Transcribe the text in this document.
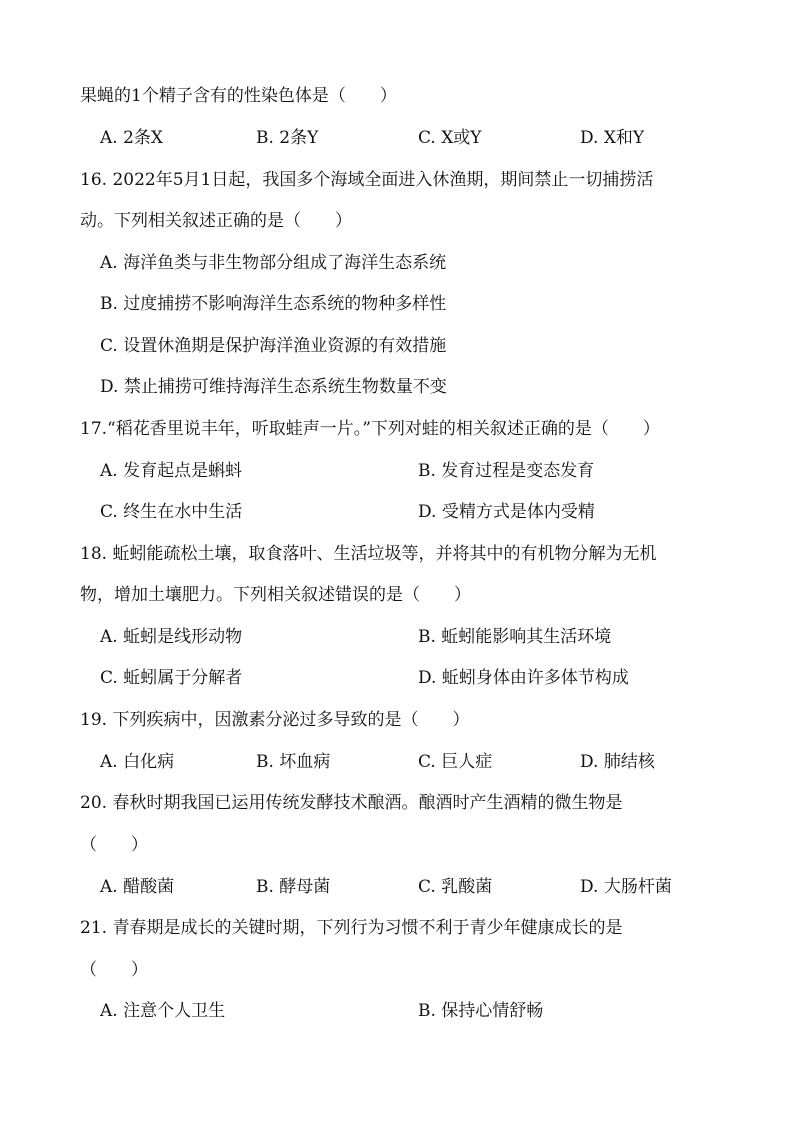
果蝇的1个精子含有的性染色体是（　　）
A. 2条X	B. 2条Y	C. X或Y	D. X和Y
16. 2022年5月1日起，我国多个海域全面进入休渔期，期间禁止一切捕捞活
动。下列相关叙述正确的是（　　）
A. 海洋鱼类与非生物部分组成了海洋生态系统
B. 过度捕捞不影响海洋生态系统的物种多样性
C. 设置休渔期是保护海洋渔业资源的有效措施
D. 禁止捕捞可维持海洋生态系统生物数量不变
17.“稻花香里说丰年，听取蛙声一片。”下列对蛙的相关叙述正确的是（　　）
A. 发育起点是蝌蚪	B. 发育过程是变态发育
C. 终生在水中生活	D. 受精方式是体内受精
18. 蚯蚓能疏松土壤，取食落叶、生活垃圾等，并将其中的有机物分解为无机
物，增加土壤肥力。下列相关叙述错误的是（　　）
A. 蚯蚓是线形动物	B. 蚯蚓能影响其生活环境
C. 蚯蚓属于分解者	D. 蚯蚓身体由许多体节构成
19. 下列疾病中，因激素分泌过多导致的是（　　）
A. 白化病	B. 坏血病	C. 巨人症	D. 肺结核
20. 春秋时期我国已运用传统发酵技术酿酒。酿酒时产生酒精的微生物是
（　　）
A. 醋酸菌	B. 酵母菌	C. 乳酸菌	D. 大肠杆菌
21. 青春期是成长的关键时期，下列行为习惯不利于青少年健康成长的是
（　　）
A. 注意个人卫生	B. 保持心情舒畅
